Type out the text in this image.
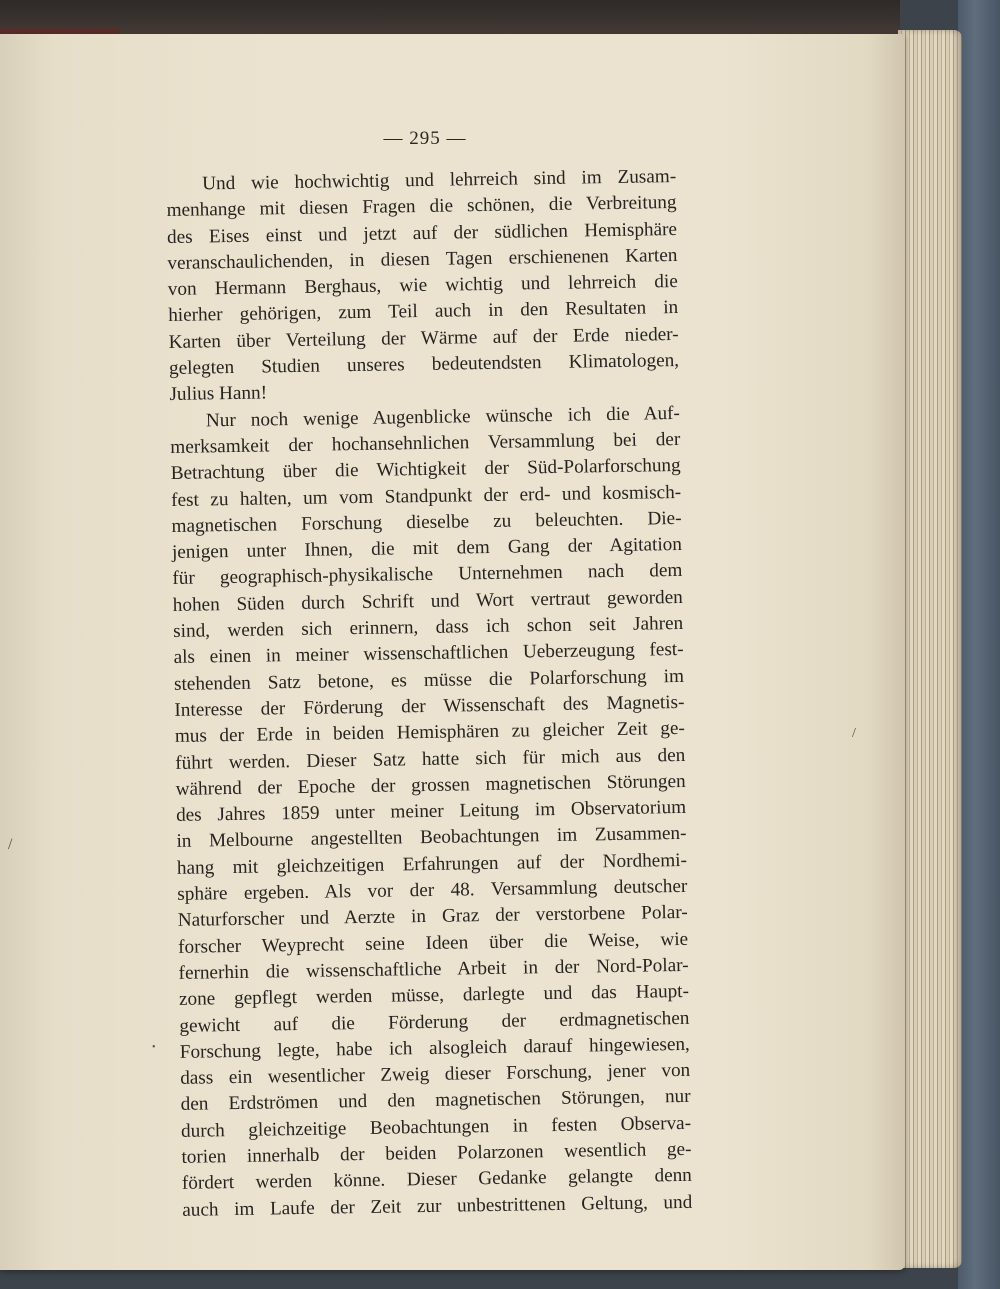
— 295 —
Und wie hochwichtig und lehrreich sind im Zusam-
menhange mit diesen Fragen die schönen, die Verbreitung
des Eises einst und jetzt auf der südlichen Hemisphäre
veranschaulichenden, in diesen Tagen erschienenen Karten
von Hermann Berghaus, wie wichtig und lehrreich die
hierher gehörigen, zum Teil auch in den Resultaten in
Karten über Verteilung der Wärme auf der Erde nieder-
gelegten Studien unseres bedeutendsten Klimatologen,
Julius Hann!
Nur noch wenige Augenblicke wünsche ich die Auf-
merksamkeit der hochansehnlichen Versammlung bei der
Betrachtung über die Wichtigkeit der Süd-Polarforschung
fest zu halten, um vom Standpunkt der erd- und kosmisch-
magnetischen Forschung dieselbe zu beleuchten. Die-
jenigen unter Ihnen, die mit dem Gang der Agitation
für geographisch-physikalische Unternehmen nach dem
hohen Süden durch Schrift und Wort vertraut geworden
sind, werden sich erinnern, dass ich schon seit Jahren
als einen in meiner wissenschaftlichen Ueberzeugung fest-
stehenden Satz betone, es müsse die Polarforschung im
Interesse der Förderung der Wissenschaft des Magnetis-
mus der Erde in beiden Hemisphären zu gleicher Zeit ge-
führt werden. Dieser Satz hatte sich für mich aus den
während der Epoche der grossen magnetischen Störungen
des Jahres 1859 unter meiner Leitung im Observatorium
in Melbourne angestellten Beobachtungen im Zusammen-
hang mit gleichzeitigen Erfahrungen auf der Nordhemi-
sphäre ergeben. Als vor der 48. Versammlung deutscher
Naturforscher und Aerzte in Graz der verstorbene Polar-
forscher Weyprecht seine Ideen über die Weise, wie
fernerhin die wissenschaftliche Arbeit in der Nord-Polar-
zone gepflegt werden müsse, darlegte und das Haupt-
gewicht auf die Förderung der erdmagnetischen
Forschung legte, habe ich alsogleich darauf hingewiesen,
dass ein wesentlicher Zweig dieser Forschung, jener von
den Erdströmen und den magnetischen Störungen, nur
durch gleichzeitige Beobachtungen in festen Observa-
torien innerhalb der beiden Polarzonen wesentlich ge-
fördert werden könne. Dieser Gedanke gelangte denn
auch im Laufe der Zeit zur unbestrittenen Geltung, und
/
•
/
